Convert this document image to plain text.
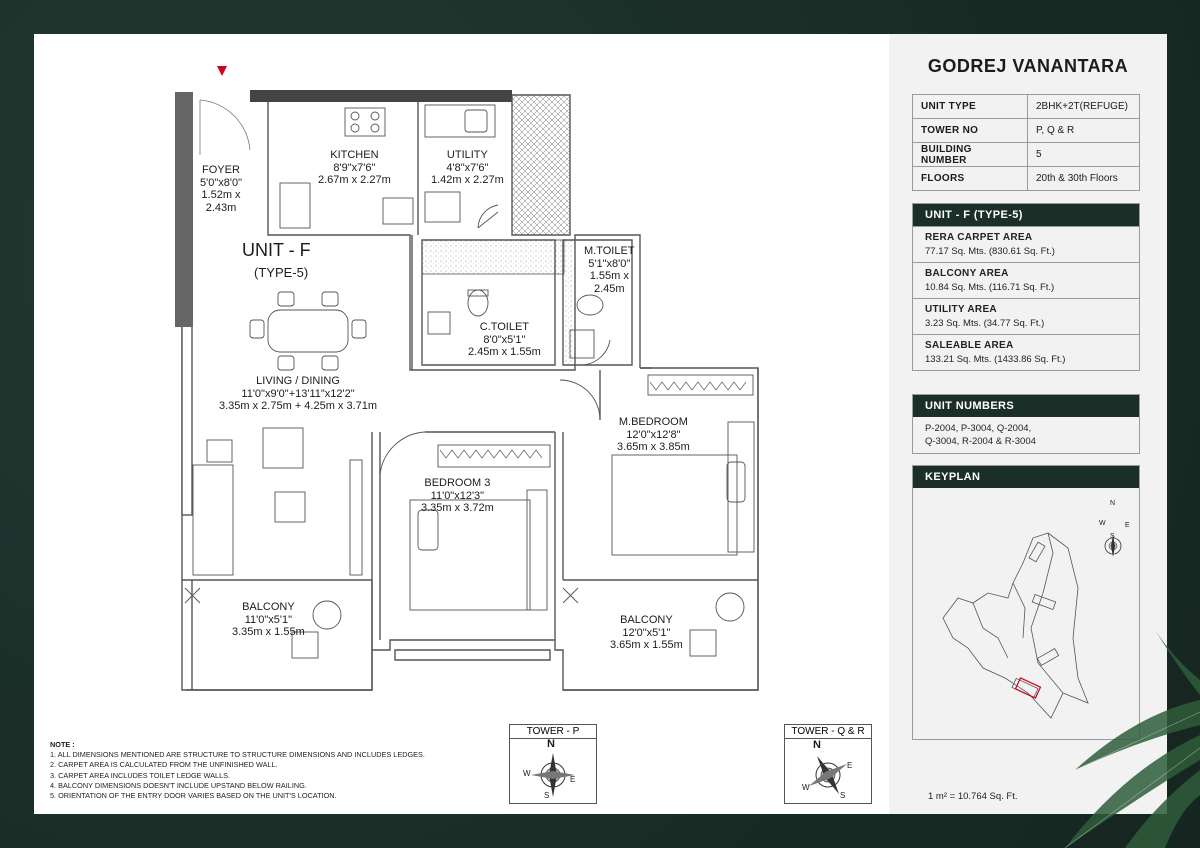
UNIT - F
(TYPE-5)
FOYER
5'0"x8'0"
1.52m x
2.43m
KITCHEN
8'9"x7'6"
2.67m x 2.27m
UTILITY
4'8"x7'6"
1.42m x 2.27m
M.TOILET
5'1"x8'0"
1.55m x
2.45m
C.TOILET
8'0"x5'1"
2.45m x 1.55m
LIVING / DINING
11'0"x9'0"+13'11"x12'2"
3.35m x 2.75m + 4.25m x 3.71m
M.BEDROOM
12'0"x12'8"
3.65m x 3.85m
BEDROOM 3
11'0"x12'3"
3.35m x 3.72m
BALCONY
11'0"x5'1"
3.35m x 1.55m
BALCONY
12'0"x5'1"
3.65m x 1.55m
NOTE :
1. ALL DIMENSIONS MENTIONED ARE STRUCTURE TO STRUCTURE DIMENSIONS AND INCLUDES LEDGES.
2. CARPET AREA IS CALCULATED FROM THE UNFINISHED WALL.
3. CARPET AREA INCLUDES TOILET LEDGE WALLS.
4. BALCONY DIMENSIONS DOESN'T INCLUDE UPSTAND BELOW RAILING.
5. ORIENTATION OF THE ENTRY DOOR VARIES BASED ON THE UNIT'S LOCATION.
TOWER - P
N
E
S
W
TOWER - Q & R
N
E
S
W
GODREJ VANANTARA
UNIT TYPE	2BHK+2T(REFUGE)
TOWER NO	P, Q & R
BUILDING NUMBER	5
FLOORS	20th & 30th Floors
UNIT - F (TYPE-5)
RERA CARPET AREA
77.17 Sq. Mts. (830.61 Sq. Ft.)
BALCONY AREA
10.84 Sq. Mts. (116.71 Sq. Ft.)
UTILITY AREA
3.23 Sq. Mts. (34.77 Sq. Ft.)
SALEABLE AREA
133.21 Sq. Mts. (1433.86 Sq. Ft.)
UNIT NUMBERS
P-2004, P-3004, Q-2004,
Q-3004, R-2004 & R-3004
KEYPLAN
N
W	E
S
1 m² = 10.764 Sq. Ft.
